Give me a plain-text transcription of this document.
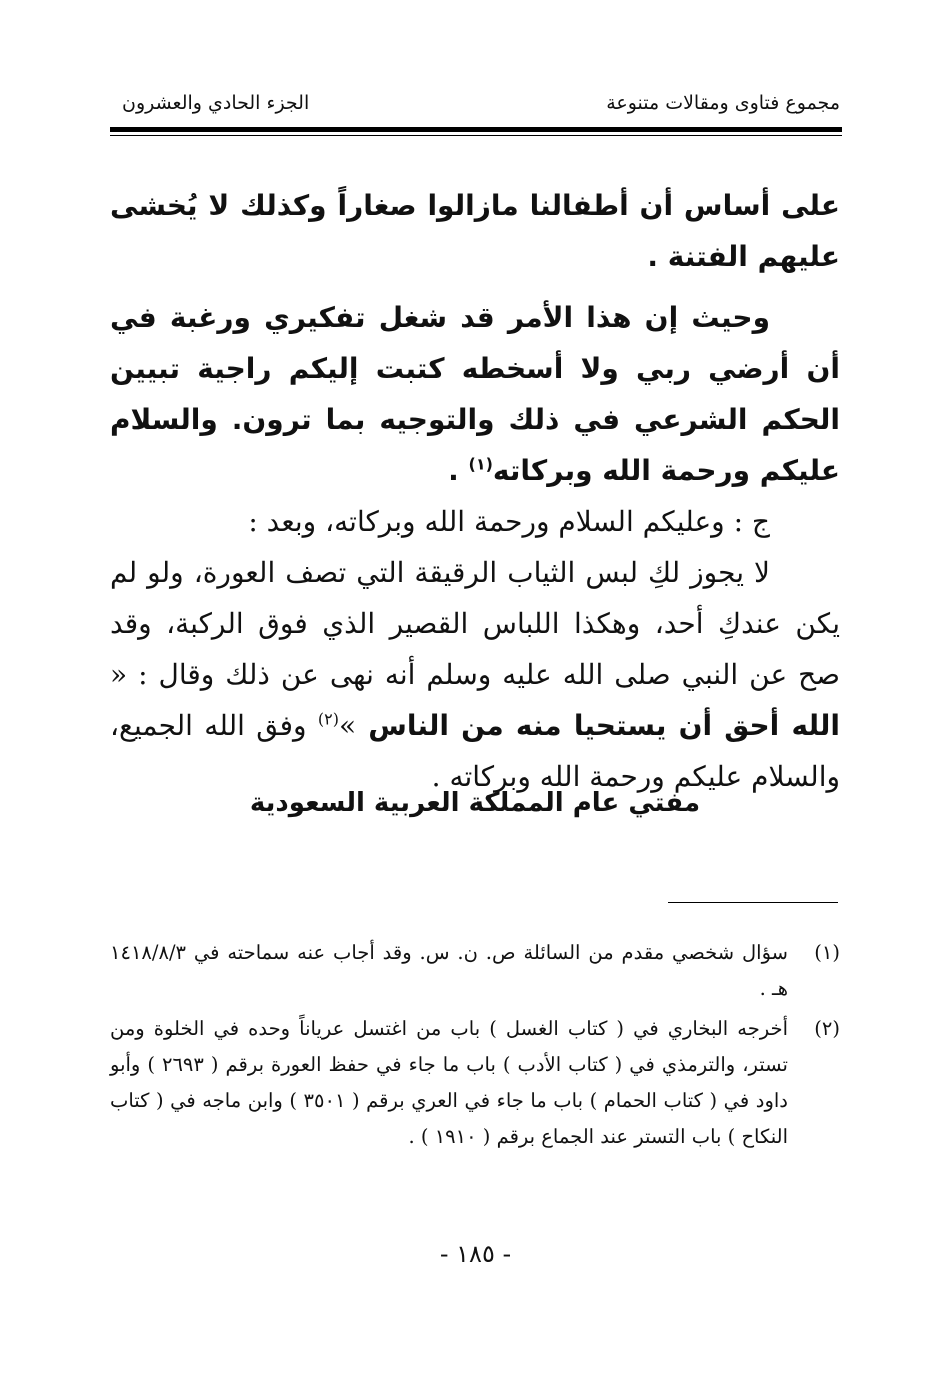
مجموع فتاوى ومقالات متنوعة
الجزء الحادي والعشرون

على أساس أن أطفالنا مازالوا صغاراً وكذلك لا يُخشى عليهم الفتنة .

وحيث إن هذا الأمر قد شغل تفكيري ورغبة في أن أرضي ربي ولا أسخطه كتبت إليكم راجية تبيين الحكم الشرعي في ذلك والتوجيه بما ترون. والسلام عليكم ورحمة الله وبركاته$^{(١)}$ .

ج : وعليكم السلام ورحمة الله وبركاته، وبعد :

لا يجوز لكِ لبس الثياب الرقيقة التي تصف العورة، ولو لم يكن عندكِ أحد، وهكذا اللباس القصير الذي فوق الركبة، وقد صح عن النبي صلى الله عليه وسلم أنه نهى عن ذلك وقال : « الله أحق أن يستحيا منه من الناس »$^{(٢)}$ وفق الله الجميع، والسلام عليكم ورحمة الله وبركاته .

مفتي عام المملكة العربية السعودية
(١)
سؤال شخصي مقدم من السائلة ص. ن. س. وقد أجاب عنه سماحته في ١٤١٨/٨/٣ هـ .
(٢)
أخرجه البخاري في ( كتاب الغسل ) باب من اغتسل عرياناً وحده في الخلوة ومن تستر، والترمذي في ( كتاب الأدب ) باب ما جاء في حفظ العورة برقم ( ٢٦٩٣ ) وأبو داود في ( كتاب الحمام ) باب ما جاء في العري برقم ( ٣٥٠١ ) وابن ماجه في ( كتاب النكاح ) باب التستر عند الجماع برقم ( ١٩١٠ ) .
- ١٨٥ -
